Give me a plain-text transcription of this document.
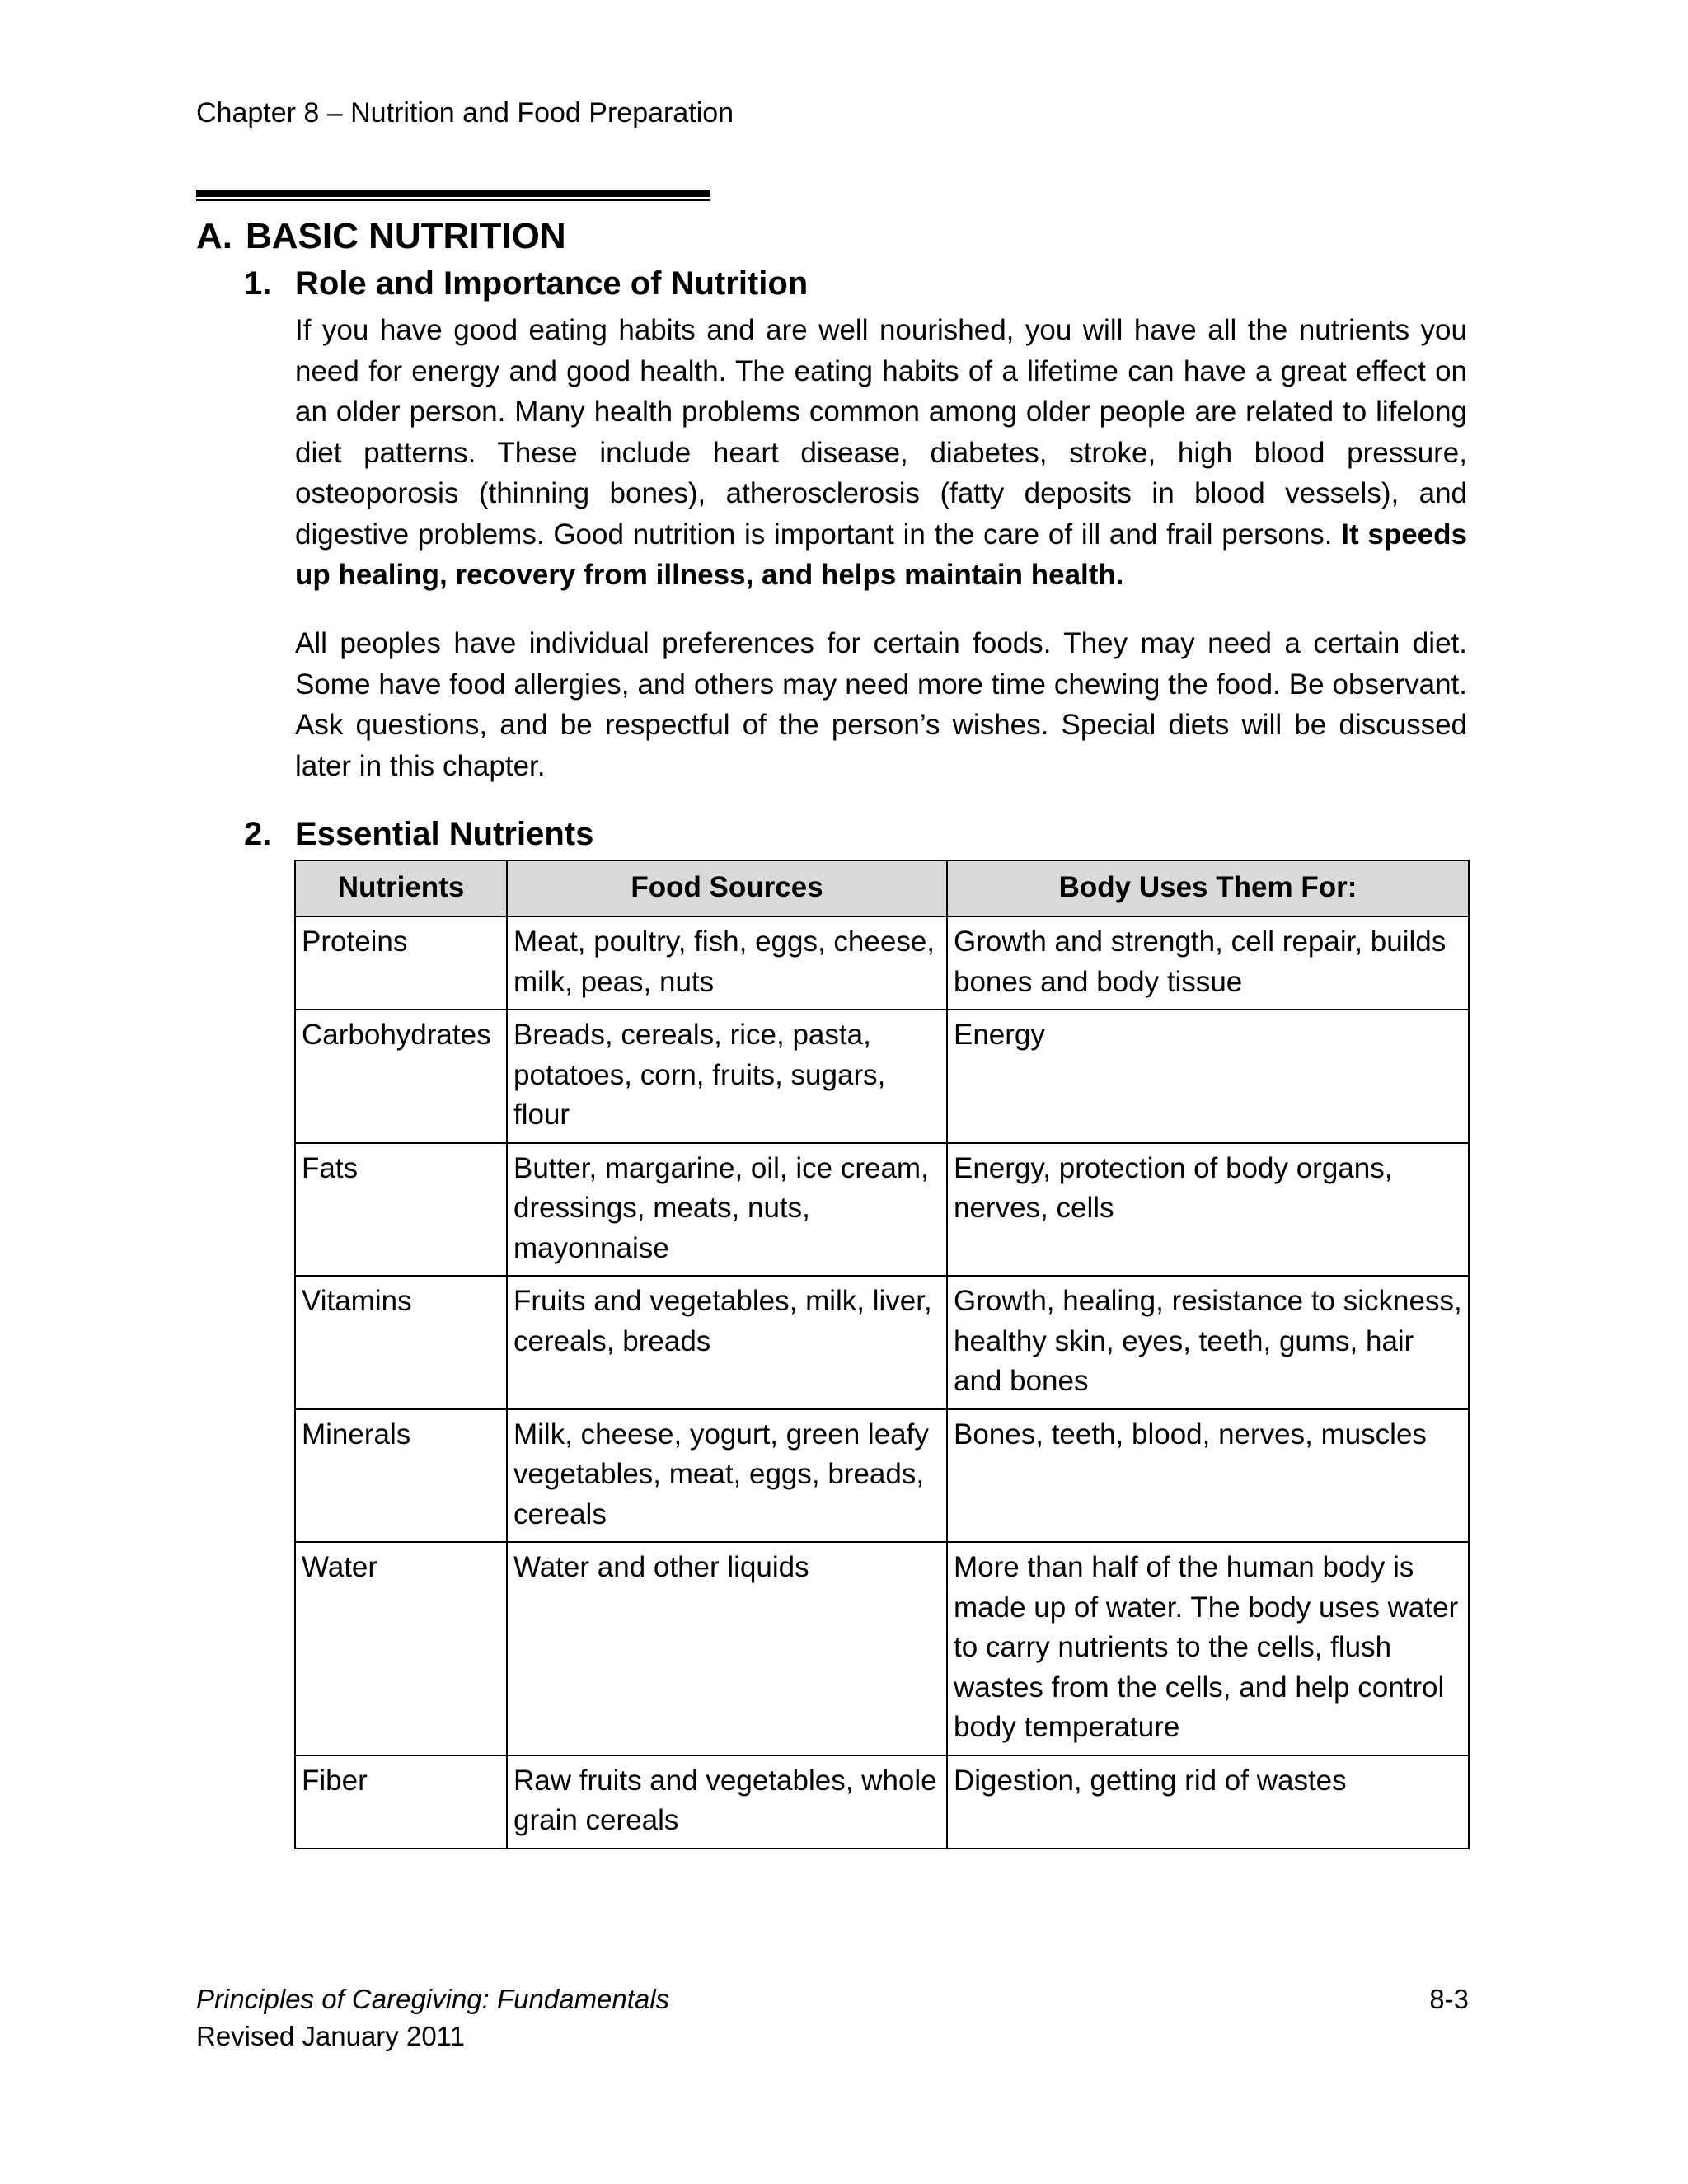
Chapter 8 – Nutrition and Food Preparation
A. BASIC NUTRITION
1. Role and Importance of Nutrition

If you have good eating habits and are well nourished, you will have all the nutrients you need for energy and good health. The eating habits of a lifetime can have a great effect on an older person. Many health problems common among older people are related to lifelong diet patterns. These include heart disease, diabetes, stroke, high blood pressure, osteoporosis (thinning bones), atherosclerosis (fatty deposits in blood vessels), and digestive problems. Good nutrition is important in the care of ill and frail persons. It speeds up healing, recovery from illness, and helps maintain health.

All peoples have individual preferences for certain foods. They may need a certain diet. Some have food allergies, and others may need more time chewing the food. Be observant. Ask questions, and be respectful of the person’s wishes. Special diets will be discussed later in this chapter.

2. Essential Nutrients
Nutrients	Food Sources	Body Uses Them For:
Proteins	Meat, poultry, fish, eggs, cheese, milk, peas, nuts	Growth and strength, cell repair, builds bones and body tissue
Carbohydrates	Breads, cereals, rice, pasta, potatoes, corn, fruits, sugars, flour	Energy
Fats	Butter, margarine, oil, ice cream, dressings, meats, nuts, mayonnaise	Energy, protection of body organs, nerves, cells
Vitamins	Fruits and vegetables, milk, liver, cereals, breads	Growth, healing, resistance to sickness, healthy skin, eyes, teeth, gums, hair and bones
Minerals	Milk, cheese, yogurt, green leafy vegetables, meat, eggs, breads, cereals	Bones, teeth, blood, nerves, muscles
Water	Water and other liquids	More than half of the human body is made up of water. The body uses water to carry nutrients to the cells, flush wastes from the cells, and help control body temperature
Fiber	Raw fruits and vegetables, whole grain cereals	Digestion, getting rid of wastes
Principles of Caregiving: Fundamentals
Revised January 2011
8-3
